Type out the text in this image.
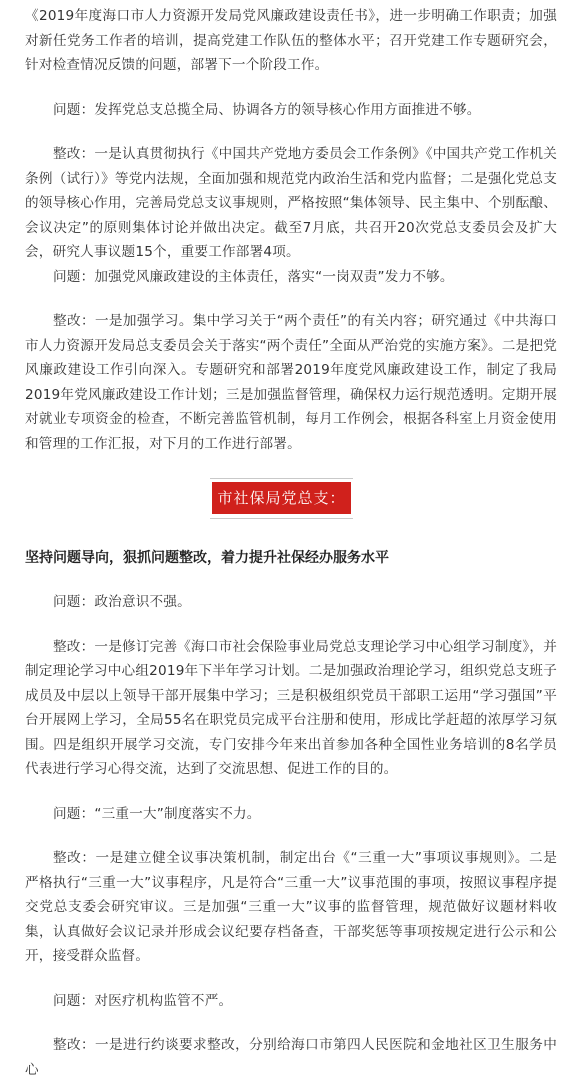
《2019年度海口市人力资源开发局党风廉政建设责任书》，进一步明确工作职责；加强对新任党务工作者的培训，提高党建工作队伍的整体水平；召开党建工作专题研究会，针对检查情况反馈的问题，部署下一个阶段工作。

问题：发挥党总支总揽全局、协调各方的领导核心作用方面推进不够。

整改：一是认真贯彻执行《中国共产党地方委员会工作条例》《中国共产党工作机关条例（试行）》等党内法规，全面加强和规范党内政治生活和党内监督；二是强化党总支的领导核心作用，完善局党总支议事规则，严格按照“集体领导、民主集中、个别酝酿、会议决定”的原则集体讨论并做出决定。截至7月底，共召开20次党总支委员会及扩大会，研究人事议题15个，重要工作部署4项。

问题：加强党风廉政建设的主体责任，落实“一岗双责”发力不够。

整改：一是加强学习。集中学习关于“两个责任”的有关内容；研究通过《中共海口市人力资源开发局总支委员会关于落实“两个责任”全面从严治党的实施方案》。二是把党风廉政建设工作引向深入。专题研究和部署2019年度党风廉政建设工作，制定了我局2019年党风廉政建设工作计划；三是加强监督管理，确保权力运行规范透明。定期开展对就业专项资金的检查，不断完善监管机制，每月工作例会，根据各科室上月资金使用和管理的工作汇报，对下月的工作进行部署。

市社保局党总支：

坚持问题导向，狠抓问题整改，着力提升社保经办服务水平

问题：政治意识不强。

整改：一是修订完善《海口市社会保险事业局党总支理论学习中心组学习制度》，并制定理论学习中心组2019年下半年学习计划。二是加强政治理论学习，组织党总支班子成员及中层以上领导干部开展集中学习；三是积极组织党员干部职工运用“学习强国”平台开展网上学习，全局55名在职党员完成平台注册和使用，形成比学赶超的浓厚学习氛围。四是组织开展学习交流，专门安排今年来出首参加各种全国性业务培训的8名学员代表进行学习心得交流，达到了交流思想、促进工作的目的。

问题：“三重一大”制度落实不力。

整改：一是建立健全议事决策机制，制定出台《“三重一大”事项议事规则》。二是严格执行“三重一大”议事程序，凡是符合“三重一大”议事范围的事项，按照议事程序提交党总支委会研究审议。三是加强“三重一大”议事的监督管理，规范做好议题材料收集，认真做好会议记录并形成会议纪要存档备查，干部奖惩等事项按规定进行公示和公开，接受群众监督。

问题：对医疗机构监管不严。

整改：一是进行约谈要求整改，分别给海口市第四人民医院和金地社区卫生服务中心
